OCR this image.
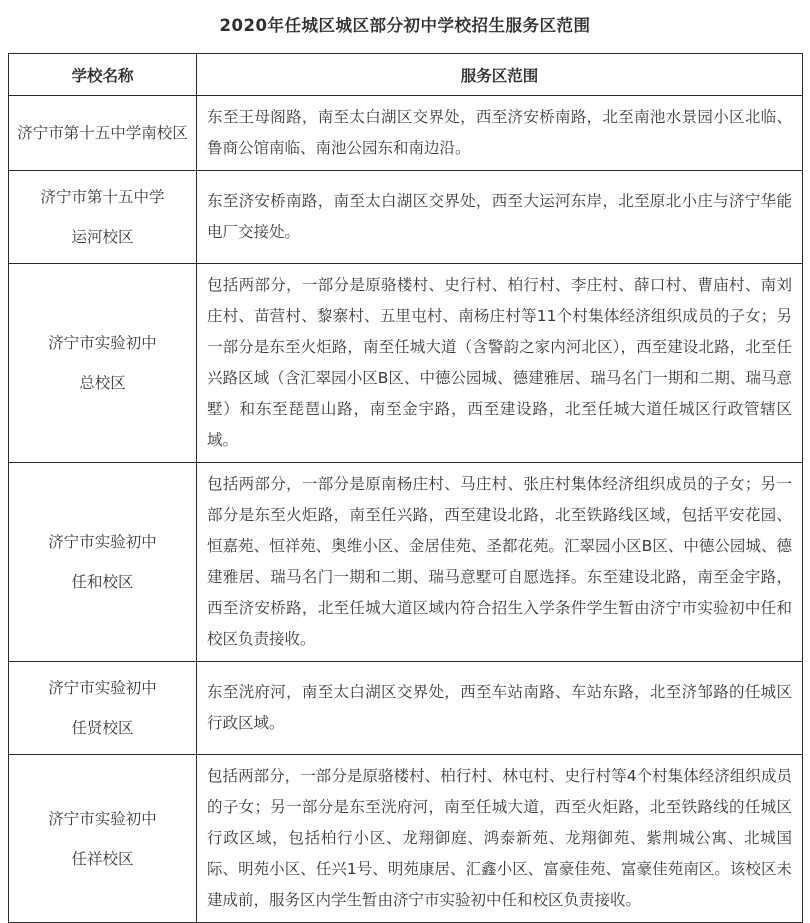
2020年任城区城区部分初中学校招生服务区范围
学校名称	服务区范围

济宁市第十五中学南校区	东至王母阁路，南至太白湖区交界处，西至济安桥南路，北至南池水景园小区北临、鲁商公馆南临、南池公园东和南边沿。

济宁市第十五中学
运河校区	东至济安桥南路，南至太白湖区交界处，西至大运河东岸，北至原北小庄与济宁华能电厂交接处。

济宁市实验初中
总校区	包括两部分，一部分是原骆楼村、史行村、柏行村、李庄村、薛口村、曹庙村、南刘庄村、苗营村、黎寨村、五里屯村、南杨庄村等11个村集体经济组织成员的子女；另一部分是东至火炬路，南至任城大道（含警韵之家内河北区），西至建设北路，北至任兴路区域（含汇翠园小区B区、中德公园城、德建雅居、瑞马名门一期和二期、瑞马意墅）和东至琵琶山路，南至金宇路，西至建设路，北至任城大道任城区行政管辖区域。

济宁市实验初中
任和校区	包括两部分，一部分是原南杨庄村、马庄村、张庄村集体经济组织成员的子女；另一部分是东至火炬路，南至任兴路，西至建设北路，北至铁路线区域，包括平安花园、恒嘉苑、恒祥苑、奥维小区、金居佳苑、圣都花苑。汇翠园小区B区、中德公园城、德建雅居、瑞马名门一期和二期、瑞马意墅可自愿选择。东至建设北路，南至金宇路，西至济安桥路，北至任城大道区域内符合招生入学条件学生暂由济宁市实验初中任和校区负责接收。

济宁市实验初中
任贤校区	东至洸府河，南至太白湖区交界处，西至车站南路、车站东路，北至济邹路的任城区行政区域。

济宁市实验初中
任祥校区	包括两部分，一部分是原骆楼村、柏行村、林屯村、史行村等4个村集体经济组织成员的子女；另一部分是东至洸府河，南至任城大道，西至火炬路，北至铁路线的任城区行政区域，包括柏行小区、龙翔御庭、鸿泰新苑、龙翔御苑、紫荆城公寓、北城国际、明苑小区、任兴1号、明苑康居、汇鑫小区、富豪佳苑、富豪佳苑南区。该校区未建成前，服务区内学生暂由济宁市实验初中任和校区负责接收。
